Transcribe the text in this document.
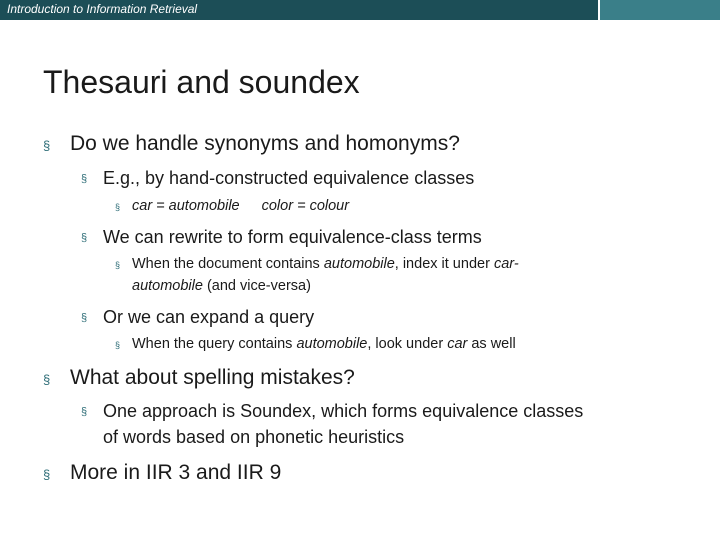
Introduction to Information Retrieval
Thesauri and soundex
§ Do we handle synonyms and homonyms?
§ E.g., by hand-constructed equivalence classes
§ car = automobile color = colour
§ We can rewrite to form equivalence-class terms
§ When the document contains automobile, index it under car-
automobile (and vice-versa)
§ Or we can expand a query
§ When the query contains automobile, look under car as well
§ What about spelling mistakes?
§ One approach is Soundex, which forms equivalence classes
of words based on phonetic heuristics
§ More in IIR 3 and IIR 9
